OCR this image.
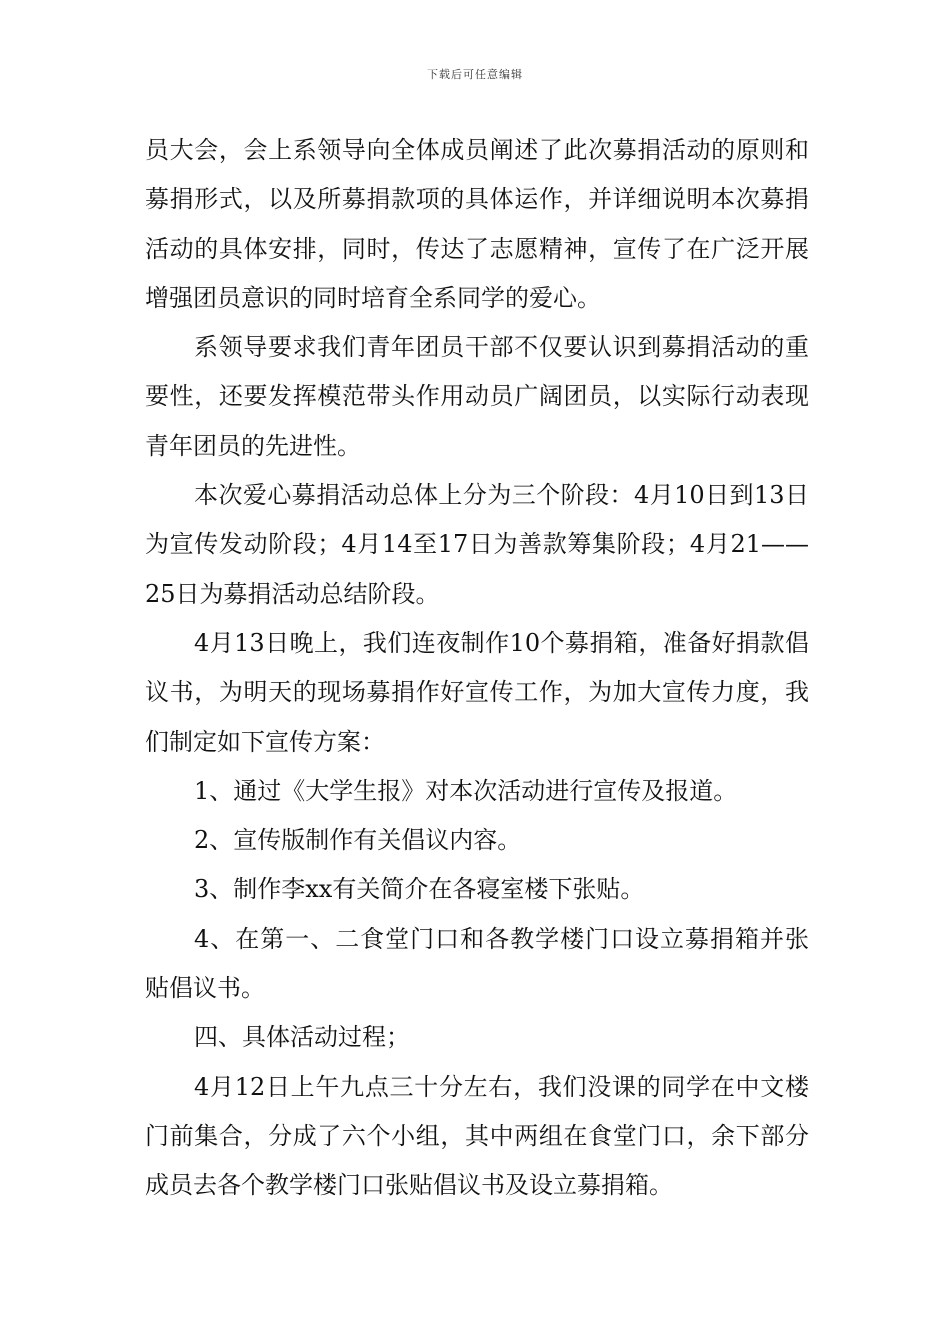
下载后可任意编辑

员大会，会上系领导向全体成员阐述了此次募捐活动的原则和募捐形式，以及所募捐款项的具体运作，并详细说明本次募捐活动的具体安排，同时，传达了志愿精神，宣传了在广泛开展增强团员意识的同时培育全系同学的爱心。

系领导要求我们青年团员干部不仅要认识到募捐活动的重要性，还要发挥模范带头作用动员广阔团员，以实际行动表现青年团员的先进性。

本次爱心募捐活动总体上分为三个阶段：4月10日到13日为宣传发动阶段；4月14至17日为善款筹集阶段；4月21——25日为募捐活动总结阶段。

4月13日晚上，我们连夜制作10个募捐箱，准备好捐款倡议书，为明天的现场募捐作好宣传工作，为加大宣传力度，我们制定如下宣传方案：

1、通过《大学生报》对本次活动进行宣传及报道。

2、宣传版制作有关倡议内容。

3、制作李xx有关简介在各寝室楼下张贴。

4、在第一、二食堂门口和各教学楼门口设立募捐箱并张贴倡议书。

四、具体活动过程；

4月12日上午九点三十分左右，我们没课的同学在中文楼门前集合，分成了六个小组，其中两组在食堂门口，余下部分成员去各个教学楼门口张贴倡议书及设立募捐箱。
